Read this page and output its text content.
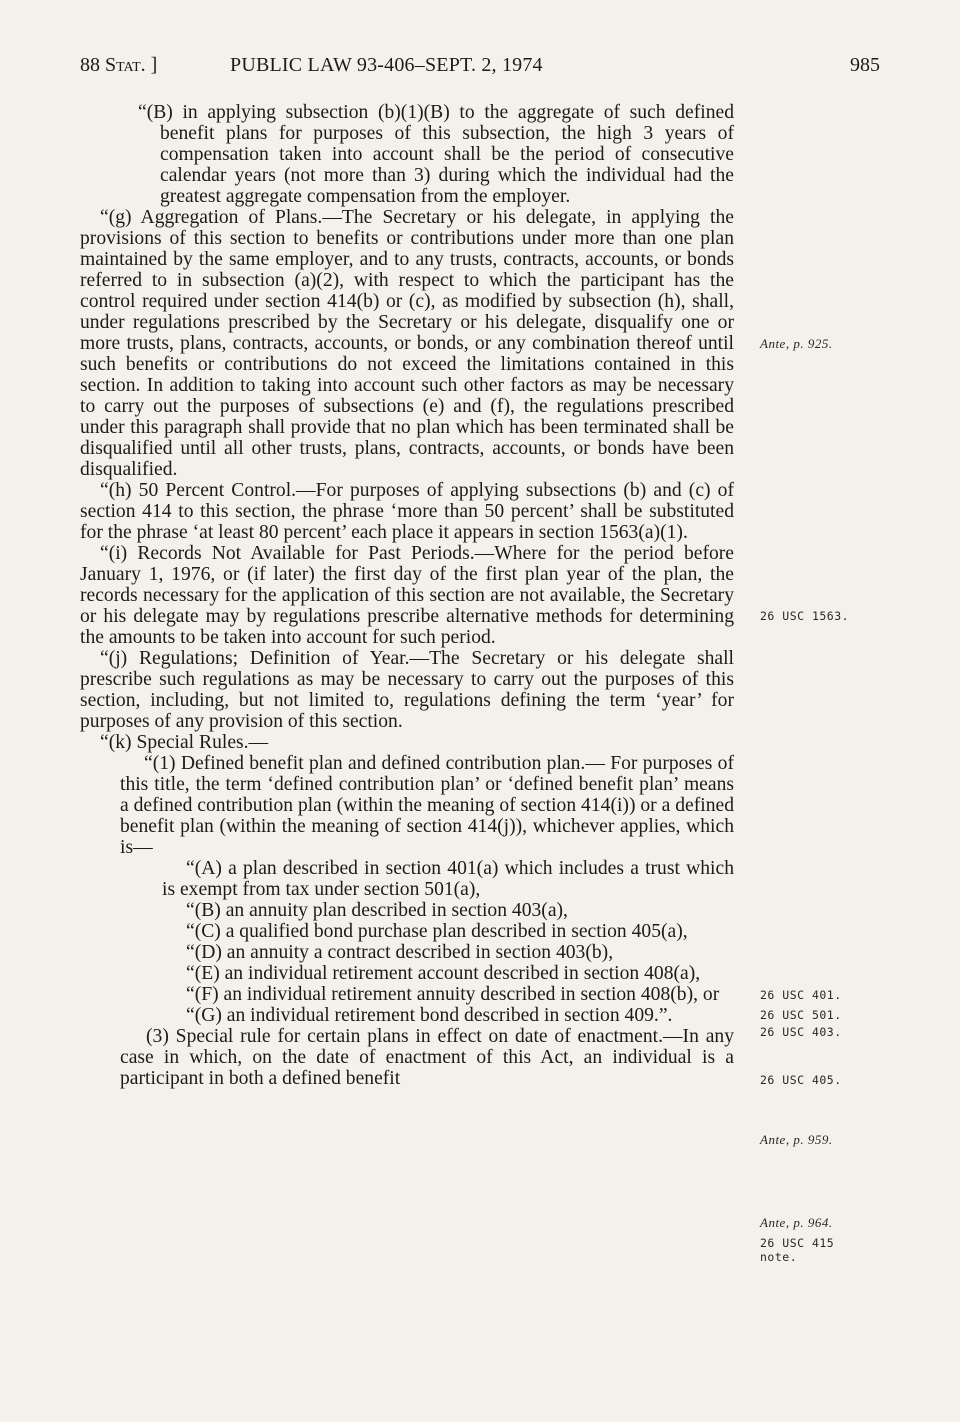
88 Stat. ]	PUBLIC LAW 93-406–SEPT. 2, 1974	985

“(B) in applying subsection (b)(1)(B) to the aggregate of such defined benefit plans for purposes of this subsection, the high 3 years of compensation taken into account shall be the period of consecutive calendar years (not more than 3) during which the individual had the greatest aggregate compensation from the employer.

“(g) Aggregation of Plans.—The Secretary or his delegate, in applying the provisions of this section to benefits or contributions under more than one plan maintained by the same employer, and to any trusts, contracts, accounts, or bonds referred to in subsection (a)(2), with respect to which the participant has the control required under section 414(b) or (c), as modified by subsection (h), shall, under regulations prescribed by the Secretary or his delegate, disqualify one or more trusts, plans, contracts, accounts, or bonds, or any combination thereof until such benefits or contributions do not exceed the limitations contained in this section. In addition to taking into account such other factors as may be necessary to carry out the purposes of subsections (e) and (f), the regulations prescribed under this paragraph shall provide that no plan which has been terminated shall be disqualified until all other trusts, plans, contracts, accounts, or bonds have been disqualified.

“(h) 50 Percent Control.—For purposes of applying subsections (b) and (c) of section 414 to this section, the phrase ‘more than 50 percent’ shall be substituted for the phrase ‘at least 80 percent’ each place it appears in section 1563(a)(1).

“(i) Records Not Available for Past Periods.—Where for the period before January 1, 1976, or (if later) the first day of the first plan year of the plan, the records necessary for the application of this section are not available, the Secretary or his delegate may by regulations prescribe alternative methods for determining the amounts to be taken into account for such period.

“(j) Regulations; Definition of Year.—The Secretary or his delegate shall prescribe such regulations as may be necessary to carry out the purposes of this section, including, but not limited to, regulations defining the term ‘year’ for purposes of any provision of this section.

“(k) Special Rules.—

“(1) Defined benefit plan and defined contribution plan.— For purposes of this title, the term ‘defined contribution plan’ or ‘defined benefit plan’ means a defined contribution plan (within the meaning of section 414(i)) or a defined benefit plan (within the meaning of section 414(j)), whichever applies, which is—

“(A) a plan described in section 401(a) which includes a trust which is exempt from tax under section 501(a),

“(B) an annuity plan described in section 403(a),

“(C) a qualified bond purchase plan described in section 405(a),

“(D) an annuity a contract described in section 403(b),

“(E) an individual retirement account described in section 408(a),

“(F) an individual retirement annuity described in section 408(b), or

“(G) an individual retirement bond described in section 409.”.

(3) Special rule for certain plans in effect on date of enactment.—In any case in which, on the date of enactment of this Act, an individual is a participant in both a defined benefit

Ante, p. 925.
26 USC 1563.
26 USC 401.
26 USC 501.
26 USC 403.
26 USC 405.
Ante, p. 959.
Ante, p. 964.
26 USC 415 note.
